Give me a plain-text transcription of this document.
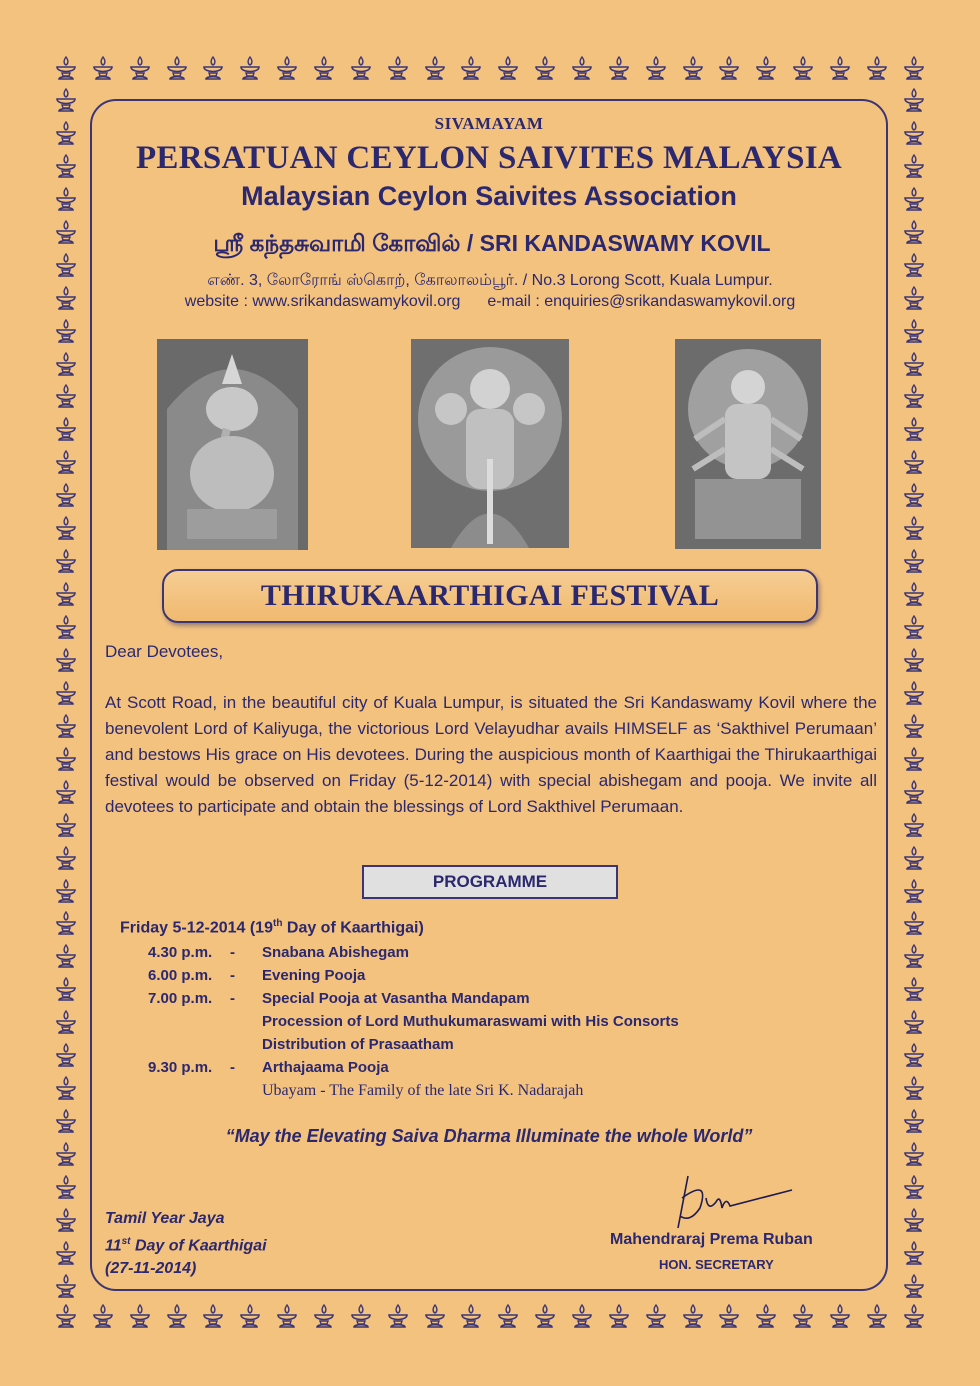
SIVAMAYAM
PERSATUAN CEYLON SAIVITES MALAYSIA
Malaysian Ceylon Saivites Association
ஸ்ரீ கந்தசுவாமி கோவில் / SRI KANDASWAMY KOVIL
எண். 3, லோரோங் ஸ்கொற், கோலாலம்பூர். / No.3 Lorong Scott, Kuala Lumpur.
website : www.srikandaswamykovil.org e-mail : enquiries@srikandaswamykovil.org
THIRUKAARTHIGAI FESTIVAL
Dear Devotees,
At Scott Road, in the beautiful city of Kuala Lumpur, is situated the Sri Kandaswamy Kovil where the benevolent Lord of Kaliyuga, the victorious Lord Velayudhar avails HIMSELF as ‘Sakthivel Perumaan’ and bestows His grace on His devotees. During the auspicious month of Kaarthigai the Thirukaarthigai festival would be observed on Friday (5-12-2014) with special abishegam and pooja. We invite all devotees to participate and obtain the blessings of Lord Sakthivel Perumaan.
PROGRAMME
Friday 5-12-2014 (19th Day of Kaarthigai)
4.30 p.m.	-	Snabana Abishegam
6.00 p.m.	-	Evening Pooja
7.00 p.m.	-	Special Pooja at Vasantha Mandapam
Procession of Lord Muthukumaraswami with His Consorts
Distribution of Prasaatham
9.30 p.m.	-	Arthajaama Pooja
Ubayam - The Family of the late Sri K. Nadarajah
“May the Elevating Saiva Dharma Illuminate the whole World”
Tamil Year Jaya
11st Day of Kaarthigai
(27-11-2014)
Mahendraraj Prema Ruban
HON. SECRETARY
